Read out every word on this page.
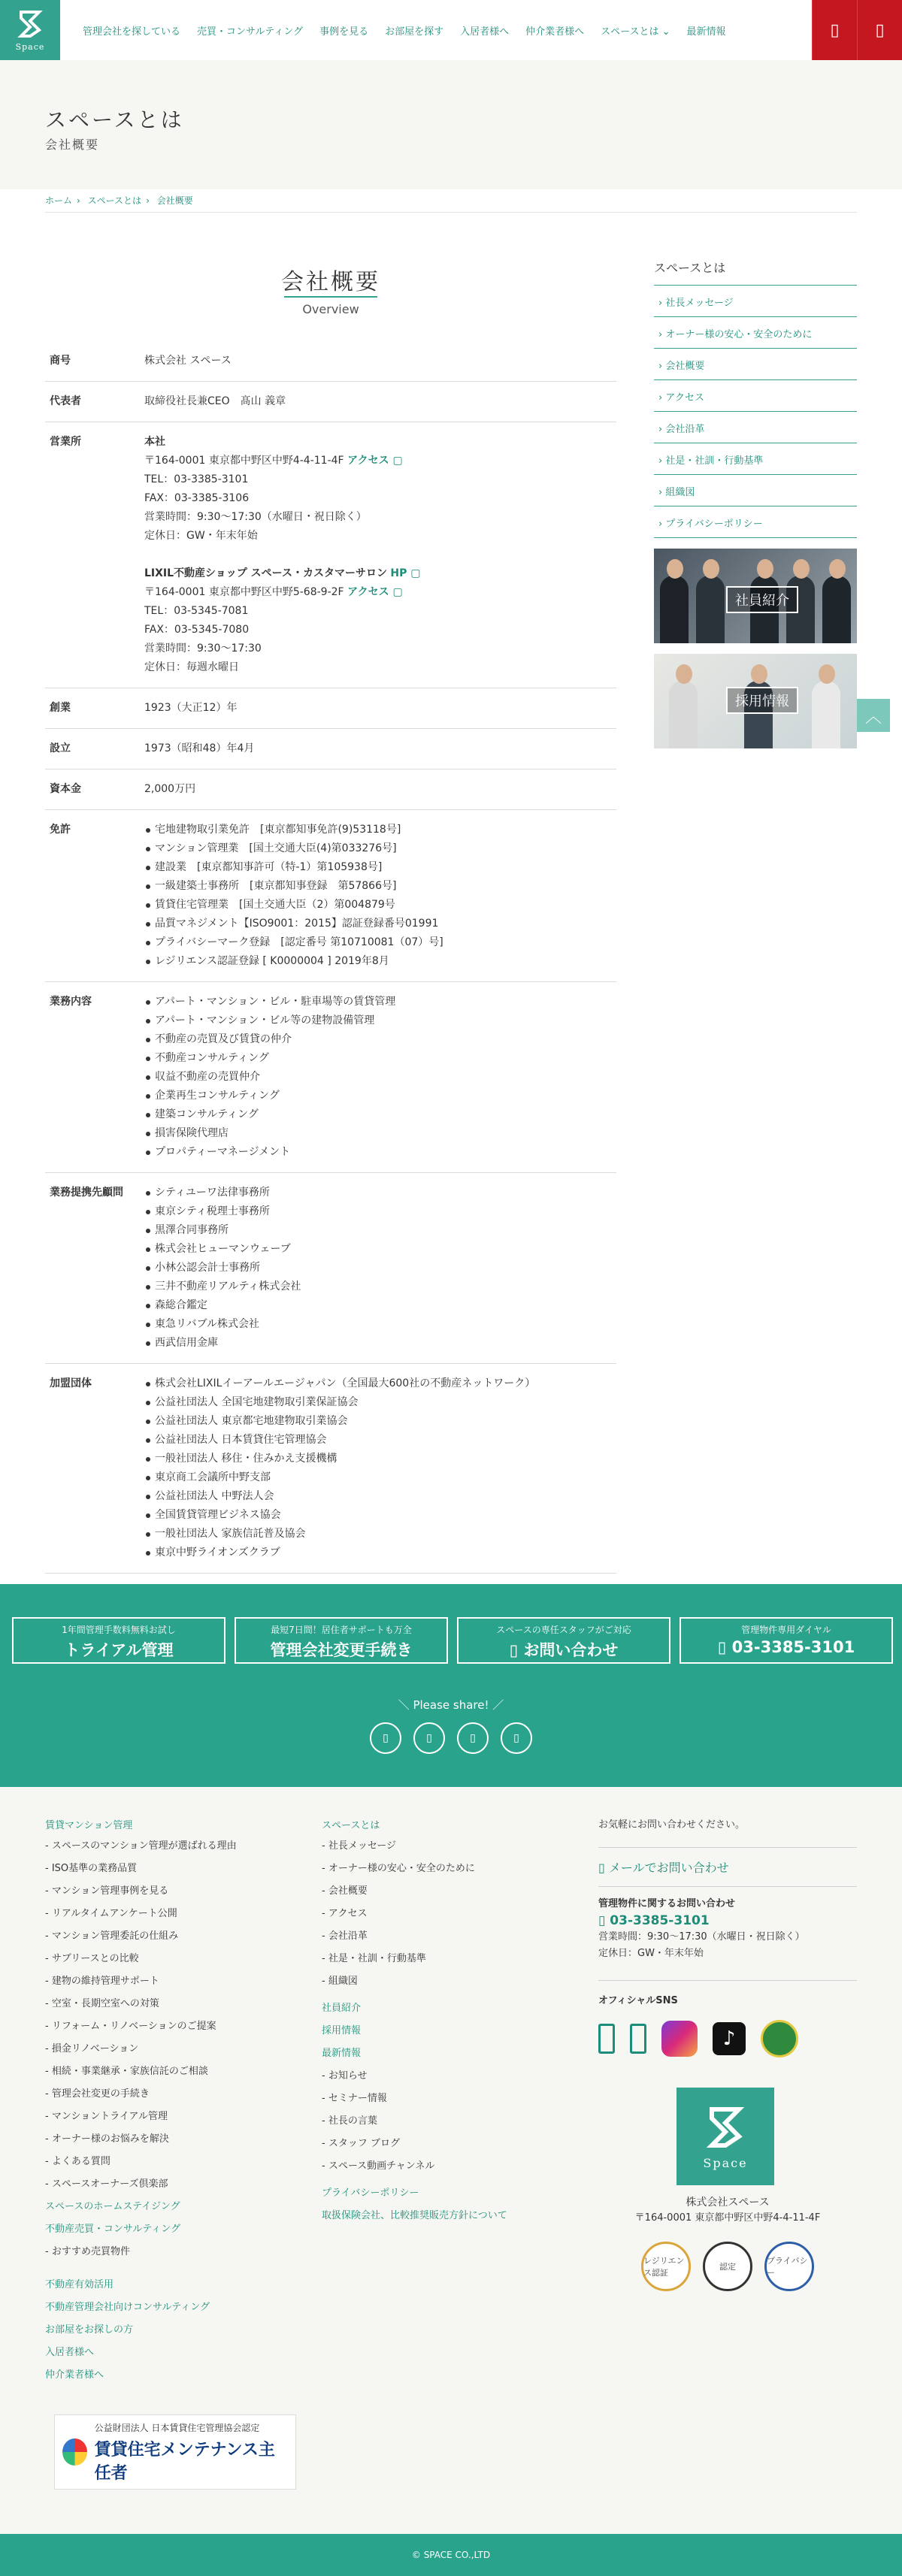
Space
管理会社を探している 売買・コンサルティング 事例を見る お部屋を探す 入居者様へ 仲介業者様へ スペースとは ⌄ 最新情報	▯ ▯
スペースとは
会社概要
ホーム › スペースとは › 会社概要
会社概要
Overview
商号	株式会社 スペース
代表者	取締役社長兼CEO　髙山 義章
営業所	本社
〒164-0001 東京都中野区中野4-4-11-4F アクセス ▢
TEL：03-3385-3101
FAX：03-3385-3106
営業時間：9:30〜17:30（水曜日・祝日除く）
定休日：GW・年末年始
LIXIL不動産ショップ スペース・カスタマーサロン HP ▢
〒164-0001 東京都中野区中野5-68-9-2F アクセス ▢
TEL：03-5345-7081
FAX：03-5345-7080
営業時間：9:30〜17:30
定休日：毎週水曜日
創業	1923（大正12）年
設立	1973（昭和48）年4月
資本金	2,000万円
免許	宅地建物取引業免許　[東京都知事免許(9)53118号]
マンション管理業　[国土交通大臣(4)第033276号]
建設業　[東京都知事許可（特-1）第105938号]
一級建築士事務所　[東京都知事登録　第57866号]
賃貸住宅管理業　[国土交通大臣（2）第004879号
品質マネジメント【ISO9001：2015】認証登録番号01991
プライバシーマーク登録　[認定番号 第10710081（07）号]
レジリエンス認証登録 [ K0000004 ] 2019年8月
業務内容	アパート・マンション・ビル・駐車場等の賃貸管理
アパート・マンション・ビル等の建物設備管理
不動産の売買及び賃貸の仲介
不動産コンサルティング
収益不動産の売買仲介
企業再生コンサルティング
建築コンサルティング
損害保険代理店
プロパティーマネージメント
業務提携先顧問	シティユーワ法律事務所
東京シティ税理士事務所
黒澤合同事務所
株式会社ヒューマンウェーブ
小林公認会計士事務所
三井不動産リアルティ株式会社
森総合鑑定
東急リバブル株式会社
西武信用金庫
加盟団体	株式会社LIXILイーアールエージャパン（全国最大600社の不動産ネットワーク）
公益社団法人 全国宅地建物取引業保証協会
公益社団法人 東京都宅地建物取引業協会
公益社団法人 日本賃貸住宅管理協会
一般社団法人 移住・住みかえ支援機構
東京商工会議所中野支部
公益社団法人 中野法人会
全国賃貸管理ビジネス協会
一般社団法人 家族信託普及協会
東京中野ライオンズクラブ
スペースとは
› 社長メッセージ
› オーナー様の安心・安全のために
› 会社概要
› アクセス
› 会社沿革
› 社是・社訓・行動基準
› 組織図
› プライバシーポリシー
社員紹介
採用情報
︿
1年間管理手数料無料お試し
トライアル管理
最短7日間！居住者サポートも万全
管理会社変更手続き
スペースの専任スタッフがご対応
▯ お問い合わせ
管理物件専用ダイヤル
▯ 03-3385-3101
＼ Please share! ／
▯	▯	▯	▯
賃貸マンション管理
- スペースのマンション管理が選ばれる理由
- ISO基準の業務品質
- マンション管理事例を見る
- リアルタイムアンケート公開
- マンション管理委託の仕組み
- サブリースとの比較
- 建物の維持管理サポート
- 空室・長期空室への対策
- リフォーム・リノベーションのご提案
- 損金リノベーション
- 相続・事業継承・家族信託のご相談
- 管理会社変更の手続き
- マンショントライアル管理
- オーナー様のお悩みを解決
- よくある質問
- スペースオーナーズ倶楽部
スペースのホームステイジング
不動産売買・コンサルティング
- おすすめ売買物件
不動産有効活用
不動産管理会社向けコンサルティング
お部屋をお探しの方
入居者様へ
仲介業者様へ
スペースとは
- 社長メッセージ
- オーナー様の安心・安全のために
- 会社概要
- アクセス
- 会社沿革
- 社是・社訓・行動基準
- 組織図
社員紹介
採用情報
最新情報
- お知らせ
- セミナー情報
- 社長の言葉
- スタッフ ブログ
- スペース動画チャンネル
プライバシーポリシー
取扱保険会社、比較推奨販売方針について

お気軽にお問い合わせください。

▯ メールでお問い合わせ

管理物件に関するお問い合わせ

▯ 03-3385-3101

営業時間：9:30〜17:30（水曜日・祝日除く）

定休日：GW・年末年始

オフィシャルSNS

♪
Space
株式会社スペース
〒164-0001 東京都中野区中野4-4-11-4F
レジリエンス認証
認定
プライバシー
公益財団法人 日本賃貸住宅管理協会認定
賃貸住宅メンテナンス主任者
© SPACE CO.,LTD
